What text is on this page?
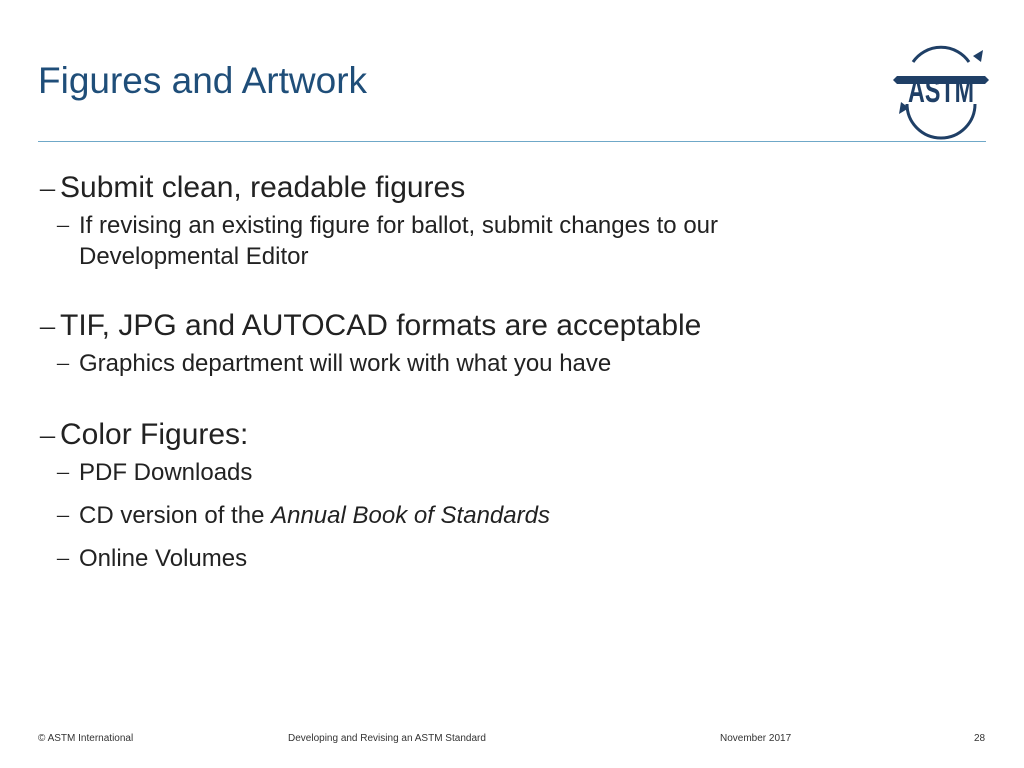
Figures and Artwork	ASTM
– Submit clean, readable figures
– If revising an existing figure for ballot, submit changes to our Developmental Editor
– TIF, JPG and AUTOCAD formats are acceptable
– Graphics department will work with what you have
– Color Figures:
– PDF Downloads
– CD version of the Annual Book of Standards
– Online Volumes
© ASTM International	Developing and Revising an ASTM Standard	November 2017	28
